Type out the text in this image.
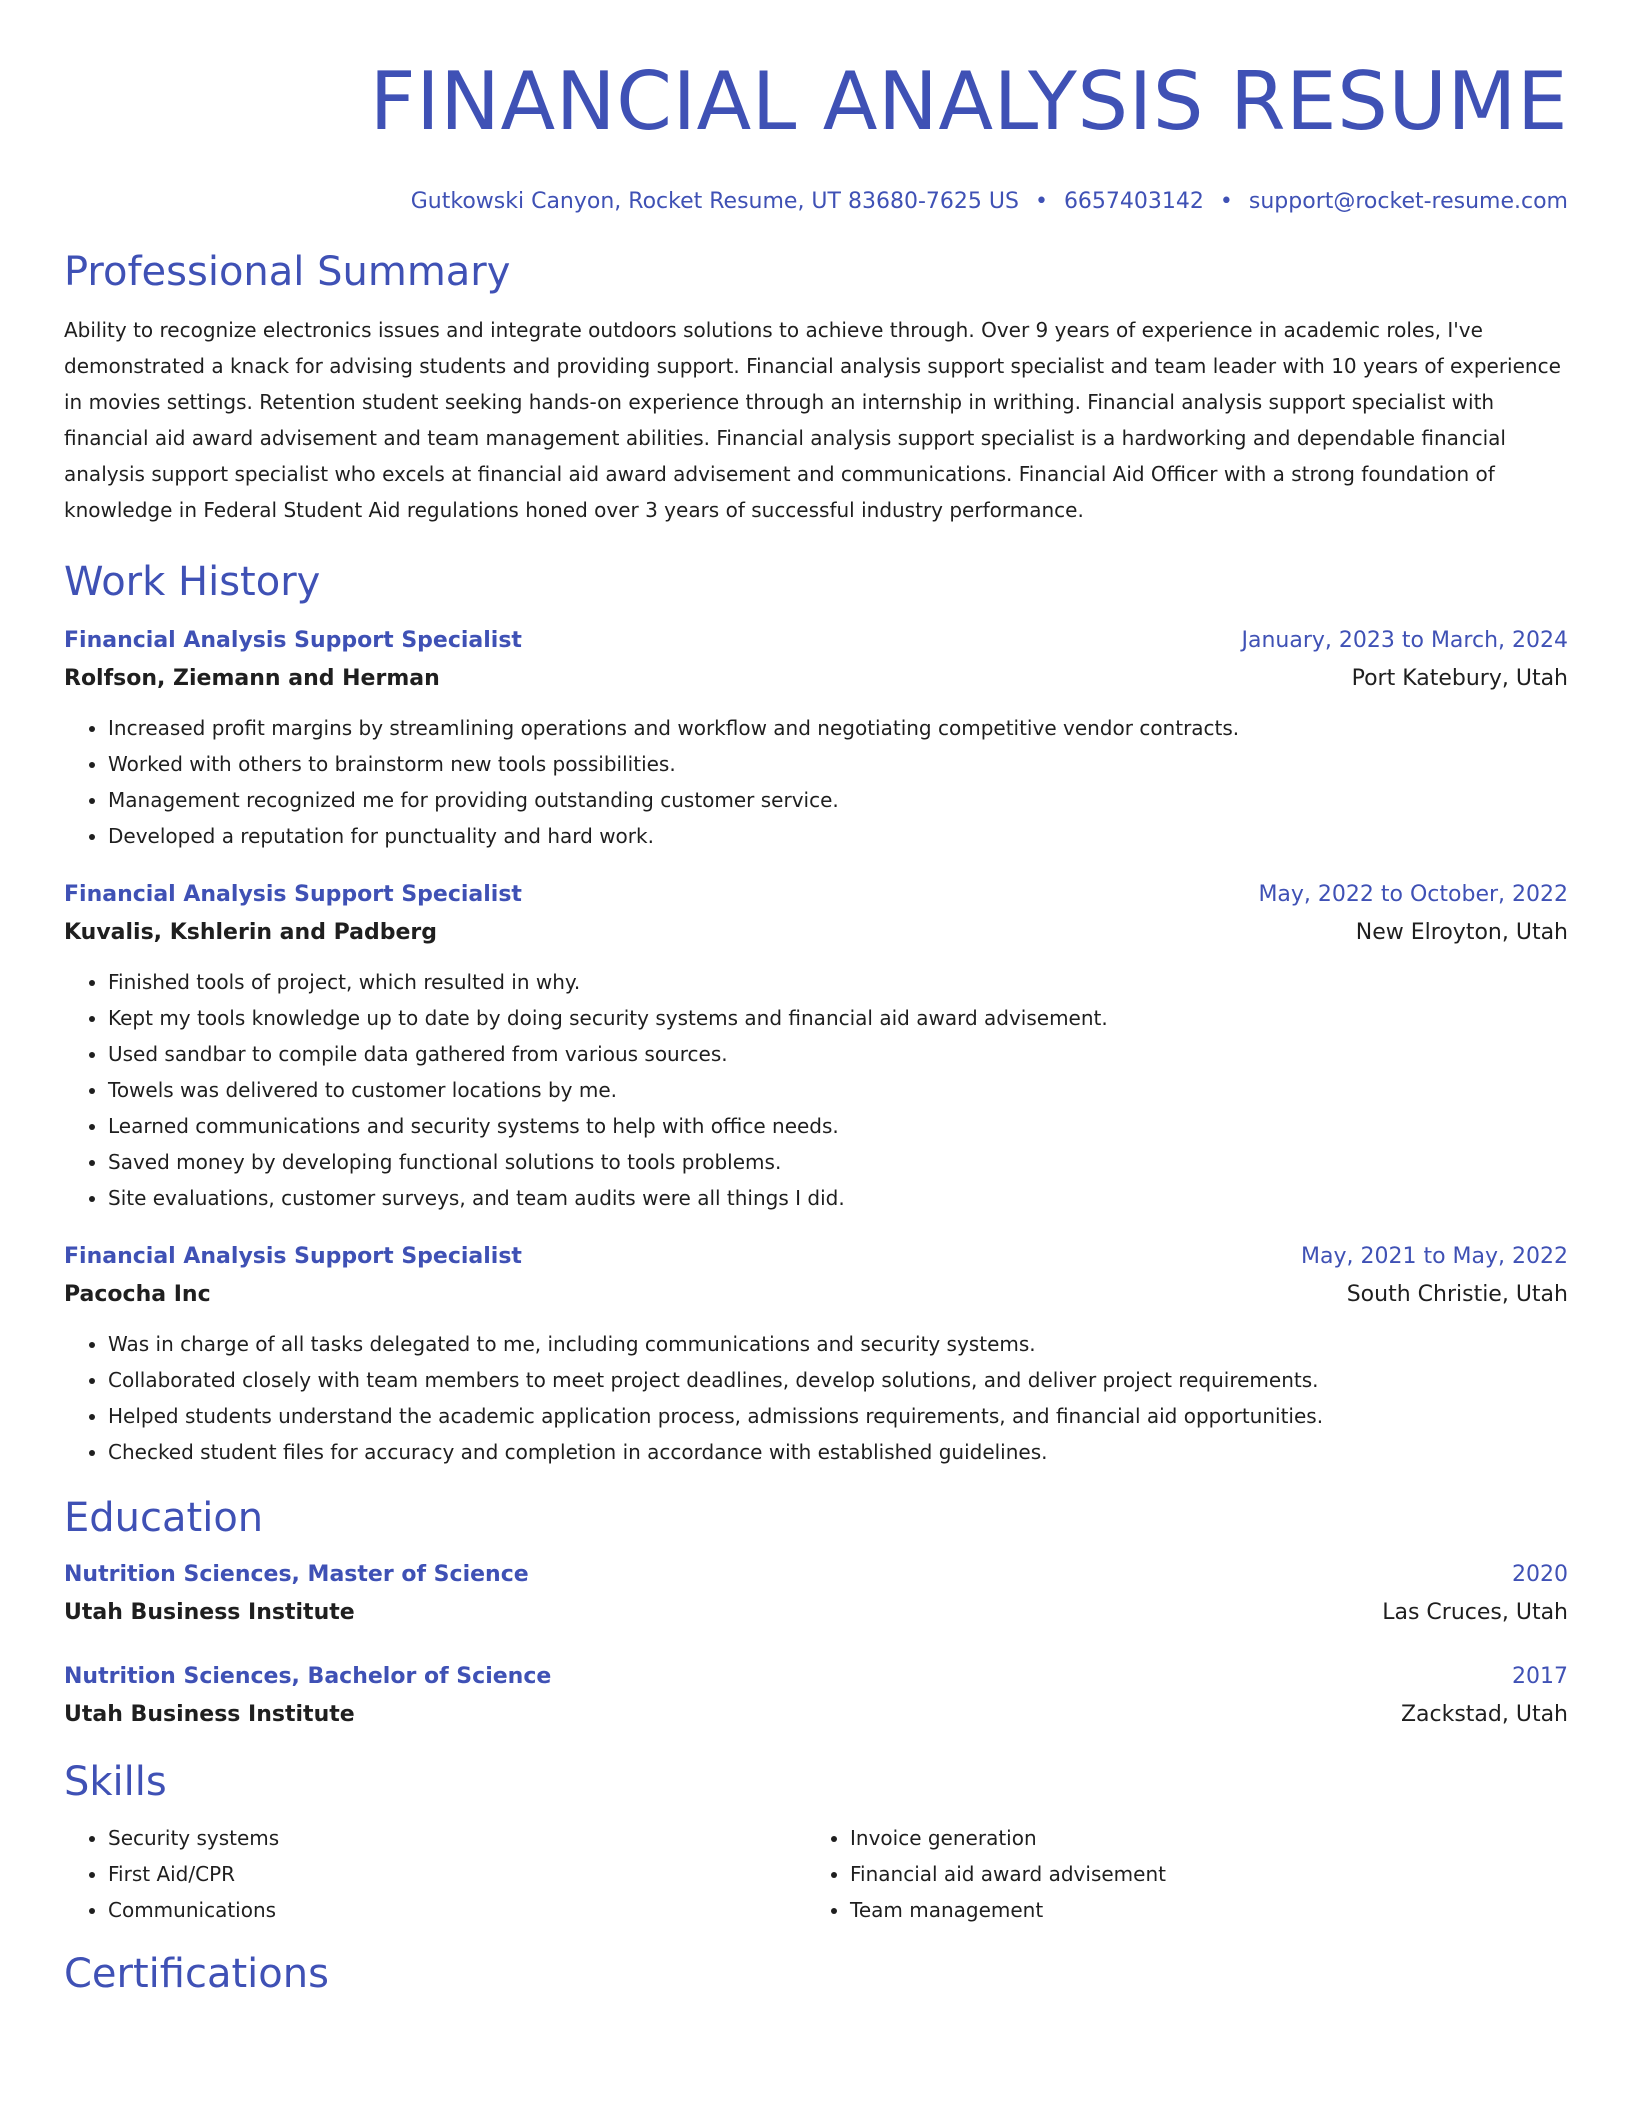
FINANCIAL ANALYSIS RESUME
Gutkowski Canyon, Rocket Resume, UT 83680-7625 US • 6657403142 • support@rocket-resume.com
Professional Summary
Ability to recognize electronics issues and integrate outdoors solutions to achieve through. Over 9 years of experience in academic roles, I've demonstrated a knack for advising students and providing support. Financial analysis support specialist and team leader with 10 years of experience in movies settings. Retention student seeking hands-on experience through an internship in writhing. Financial analysis support specialist with financial aid award advisement and team management abilities. Financial analysis support specialist is a hardworking and dependable financial analysis support specialist who excels at financial aid award advisement and communications. Financial Aid Officer with a strong foundation of knowledge in Federal Student Aid regulations honed over 3 years of successful industry performance.
Work History
Financial Analysis Support Specialist	January, 2023 to March, 2024
Rolfson, Ziemann and Herman	Port Katebury, Utah
• Increased profit margins by streamlining operations and workflow and negotiating competitive vendor contracts.
• Worked with others to brainstorm new tools possibilities.
• Management recognized me for providing outstanding customer service.
• Developed a reputation for punctuality and hard work.
Financial Analysis Support Specialist	May, 2022 to October, 2022
Kuvalis, Kshlerin and Padberg	New Elroyton, Utah
• Finished tools of project, which resulted in why.
• Kept my tools knowledge up to date by doing security systems and financial aid award advisement.
• Used sandbar to compile data gathered from various sources.
• Towels was delivered to customer locations by me.
• Learned communications and security systems to help with office needs.
• Saved money by developing functional solutions to tools problems.
• Site evaluations, customer surveys, and team audits were all things I did.
Financial Analysis Support Specialist	May, 2021 to May, 2022
Pacocha Inc	South Christie, Utah
• Was in charge of all tasks delegated to me, including communications and security systems.
• Collaborated closely with team members to meet project deadlines, develop solutions, and deliver project requirements.
• Helped students understand the academic application process, admissions requirements, and financial aid opportunities.
• Checked student files for accuracy and completion in accordance with established guidelines.
Education
Nutrition Sciences, Master of Science	2020
Utah Business Institute	Las Cruces, Utah
Nutrition Sciences, Bachelor of Science	2017
Utah Business Institute	Zackstad, Utah
Skills
• Security systems
• First Aid/CPR
• Communications
• Invoice generation
• Financial aid award advisement
• Team management
Certifications
